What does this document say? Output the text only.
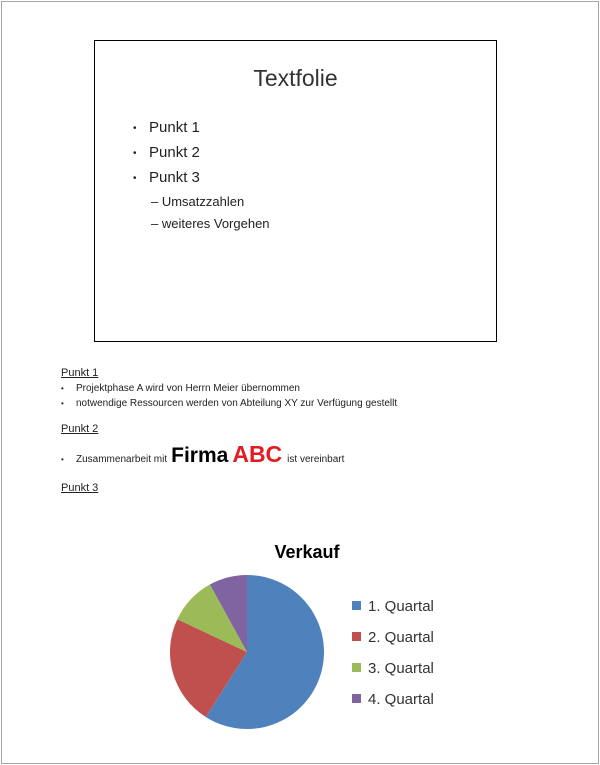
Textfolie
• Punkt 1
• Punkt 2
• Punkt 3
– Umsatzzahlen
– weiteres Vorgehen
Punkt 1
• Projektphase A wird von Herrn Meier übernommen
• notwendige Ressourcen werden von Abteilung XY zur Verfügung gestellt
Punkt 2
•	Zusammenarbeit mit Firma ABC ist vereinbart
Punkt 3
Verkauf
1. Quartal
2. Quartal
3. Quartal
4. Quartal
